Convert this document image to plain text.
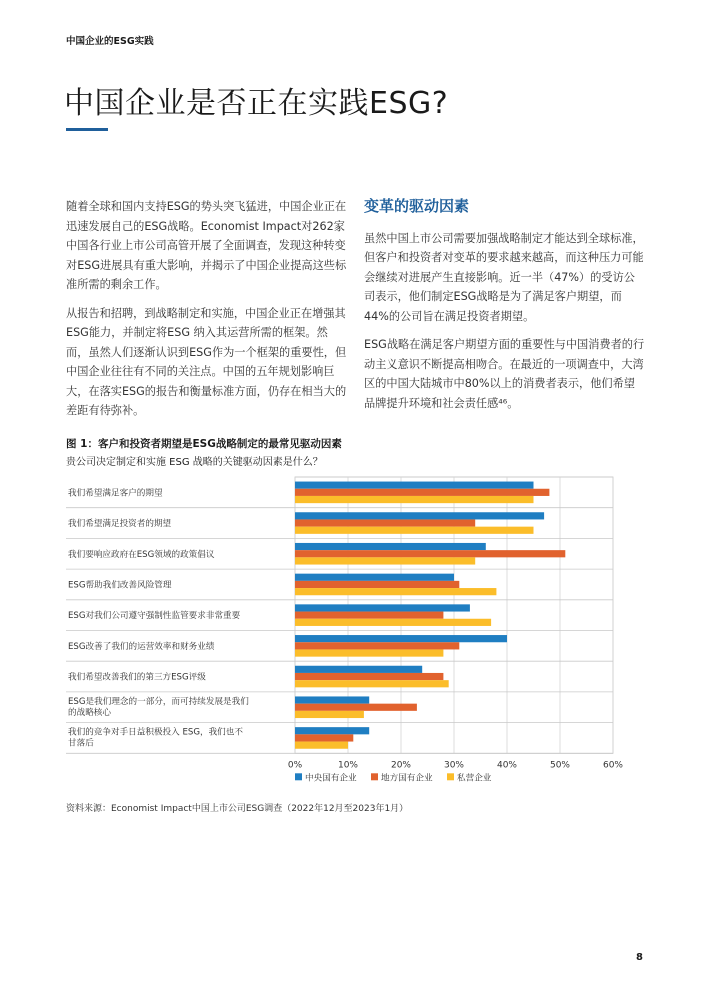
中国企业的ESG实践
中国企业是否正在实践ESG?

随着全球和国内支持ESG的势头突飞猛进，中国企业正在迅速发展自己的ESG战略。Economist Impact对262家中国各行业上市公司高管开展了全面调查，发现这种转变对ESG进展具有重大影响，并揭示了中国企业提高这些标准所需的剩余工作。

从报告和招聘，到战略制定和实施，中国企业正在增强其ESG能力，并制定将ESG 纳入其运营所需的框架。然而，虽然人们逐渐认识到ESG作为一个框架的重要性，但中国企业往往有不同的关注点。中国的五年规划影响巨大，在落实ESG的报告和衡量标准方面，仍存在相当大的差距有待弥补。

变革的驱动因素

虽然中国上市公司需要加强战略制定才能达到全球标准，但客户和投资者对变革的要求越来越高，而这种压力可能会继续对进展产生直接影响。近一半（47%）的受访公司表示，他们制定ESG战略是为了满足客户期望，而44%的公司旨在满足投资者期望。

ESG战略在满足客户期望方面的重要性与中国消费者的行动主义意识不断提高相吻合。在最近的一项调查中，大湾区的中国大陆城市中80%以上的消费者表示，他们希望品牌提升环境和社会责任感⁴⁶。

图 1：客户和投资者期望是ESG战略制定的最常见驱动因素
贵公司决定制定和实施 ESG 战略的关键驱动因素是什么？
0%	10%	20%	30%	40%	50%	60%
我们希望满足客户的期望
我们希望满足投资者的期望
我们要响应政府在ESG领域的政策倡议
ESG帮助我们改善风险管理
ESG对我们公司遵守强制性监管要求非常重要
ESG改善了我们的运营效率和财务业绩
我们希望改善我们的第三方ESG评级
ESG是我们理念的一部分，而可持续发展是我们的战略核心
我们的竞争对手日益积极投入 ESG，我们也不甘落后
中央国有企业	地方国有企业	私营企业
资料来源：Economist Impact中国上市公司ESG调查（2022年12月至2023年1月）
8
